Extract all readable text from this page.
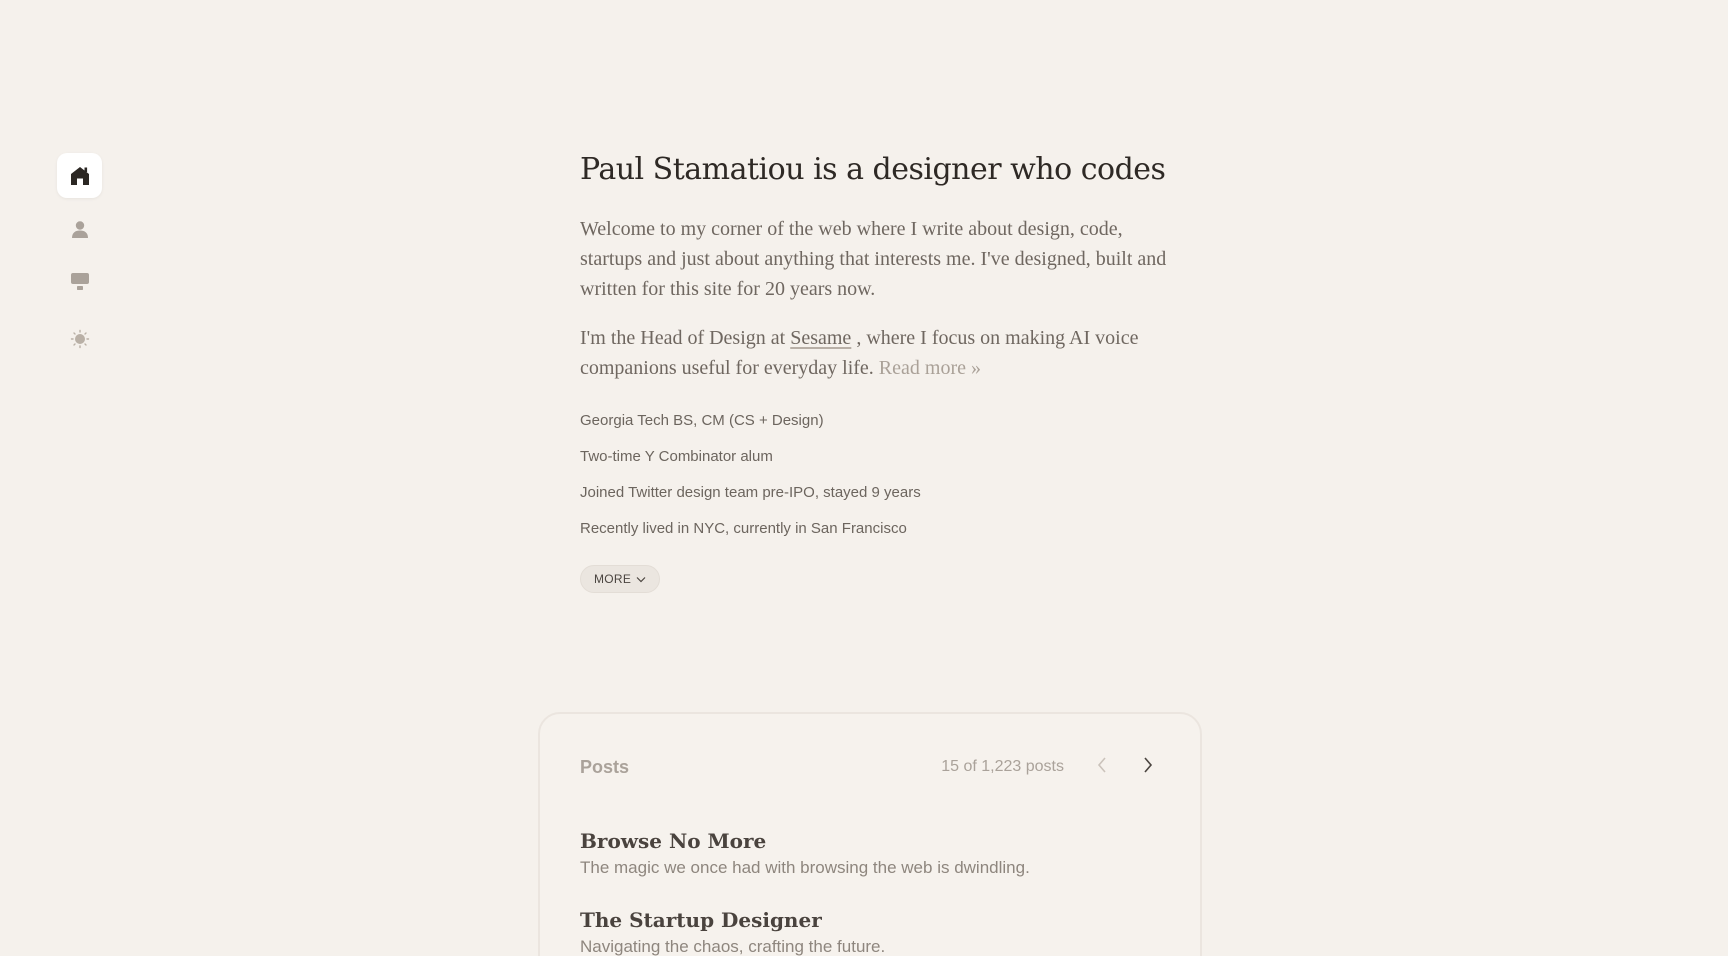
Paul Stamatiou is a designer who codes

Welcome to my corner of the web where I write about design, code, startups and just about anything that interests me. I've designed, built and written for this site for 20 years now.

I'm the Head of Design at Sesame , where I focus on making AI voice companions useful for everyday life. Read more »

Georgia Tech BS, CM (CS + Design)
Two-time Y Combinator alum
Joined Twitter design team pre-IPO, stayed 9 years
Recently lived in NYC, currently in San Francisco
MORE
Posts	15 of 1,223 posts
Browse No More
The magic we once had with browsing the web is dwindling.
The Startup Designer
Navigating the chaos, crafting the future.
